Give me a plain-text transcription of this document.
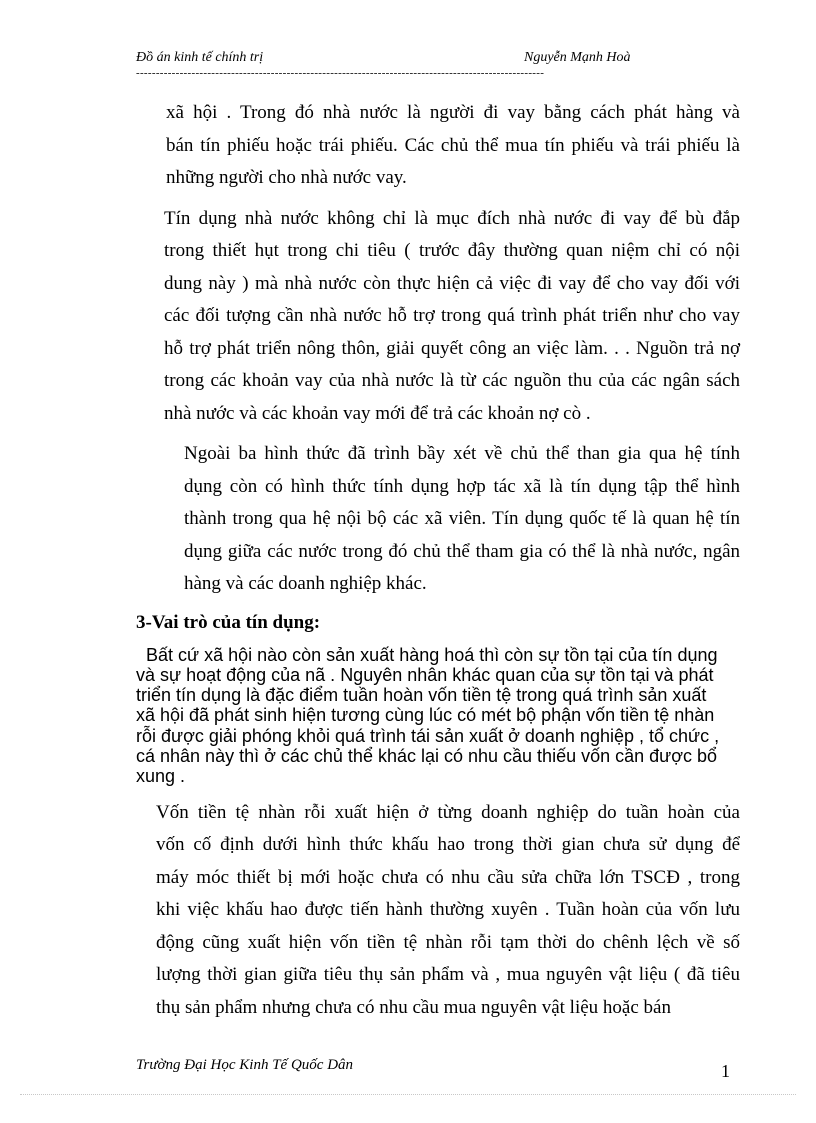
Đồ án kinh tế chính trị	Nguyễn Mạnh Hoà
-------------------------------------------------------------------------------------------------------
xã hội . Trong đó nhà nước là người đi vay bằng cách phát hàng và
bán tín phiếu hoặc trái phiếu. Các chủ thể mua tín phiếu và trái phiếu là
những người cho nhà nước vay.
Tín dụng nhà nước không chỉ là mục đích nhà nước đi vay để bù đắp
trong thiết hụt trong chi tiêu ( trước đây thường quan niệm chỉ có nội
dung này ) mà nhà nước còn thực hiện cả việc đi vay để cho vay đối với
các đối tượng cần nhà nước hỗ trợ trong quá trình phát triển như cho vay
hỗ trợ phát triển nông thôn, giải quyết công an việc làm. . . Nguồn trả nợ
trong các khoản vay của nhà nước là từ các nguồn thu của các ngân sách
nhà nước và các khoản vay mới để trả các khoản nợ cò .
Ngoài ba hình thức đã trình bầy xét về chủ thể than gia qua hệ tính
dụng còn có hình thức tính dụng hợp tác xã là tín dụng tập thể hình
thành trong qua hệ nội bộ các xã viên. Tín dụng quốc tế là quan hệ tín
dụng giữa các nước trong đó chủ thể tham gia có thể là nhà nước, ngân
hàng và các doanh nghiệp khác.
3-Vai trò của tín dụng:
Bất cứ xã hội nào còn sản xuất hàng hoá thì còn sự tồn tại của tín dụng
và sự hoạt động của nã . Nguyên nhân khác quan của sự tồn tại và phát
triển tín dụng là đặc điểm tuần hoàn vốn tiền tệ trong quá trình sản xuất
xã hội đã phát sinh hiện tương cùng lúc có mét bộ phận vốn tiền tệ nhàn
rỗi được giải phóng khỏi quá trình tái sản xuất ở doanh nghiệp , tổ chức ,
cá nhân này thì ở các chủ thể khác lại có nhu cầu thiếu vốn cần được bổ
xung .
Vốn tiền tệ nhàn rỗi xuất hiện ở từng doanh nghiệp do tuần hoàn của
vốn cố định dưới hình thức khấu hao trong thời gian chưa sử dụng để
máy móc thiết bị mới hoặc chưa có nhu cầu sửa chữa lớn TSCĐ , trong
khi việc khấu hao được tiến hành thường xuyên . Tuần hoàn của vốn lưu
động cũng xuất hiện vốn tiền tệ nhàn rỗi tạm thời do chênh lệch về số
lượng thời gian giữa tiêu thụ sản phẩm và , mua nguyên vật liệu ( đã tiêu
thụ sản phẩm nhưng chưa có nhu cầu mua nguyên vật liệu hoặc bán
Trường Đại Học Kinh Tế Quốc Dân	1
